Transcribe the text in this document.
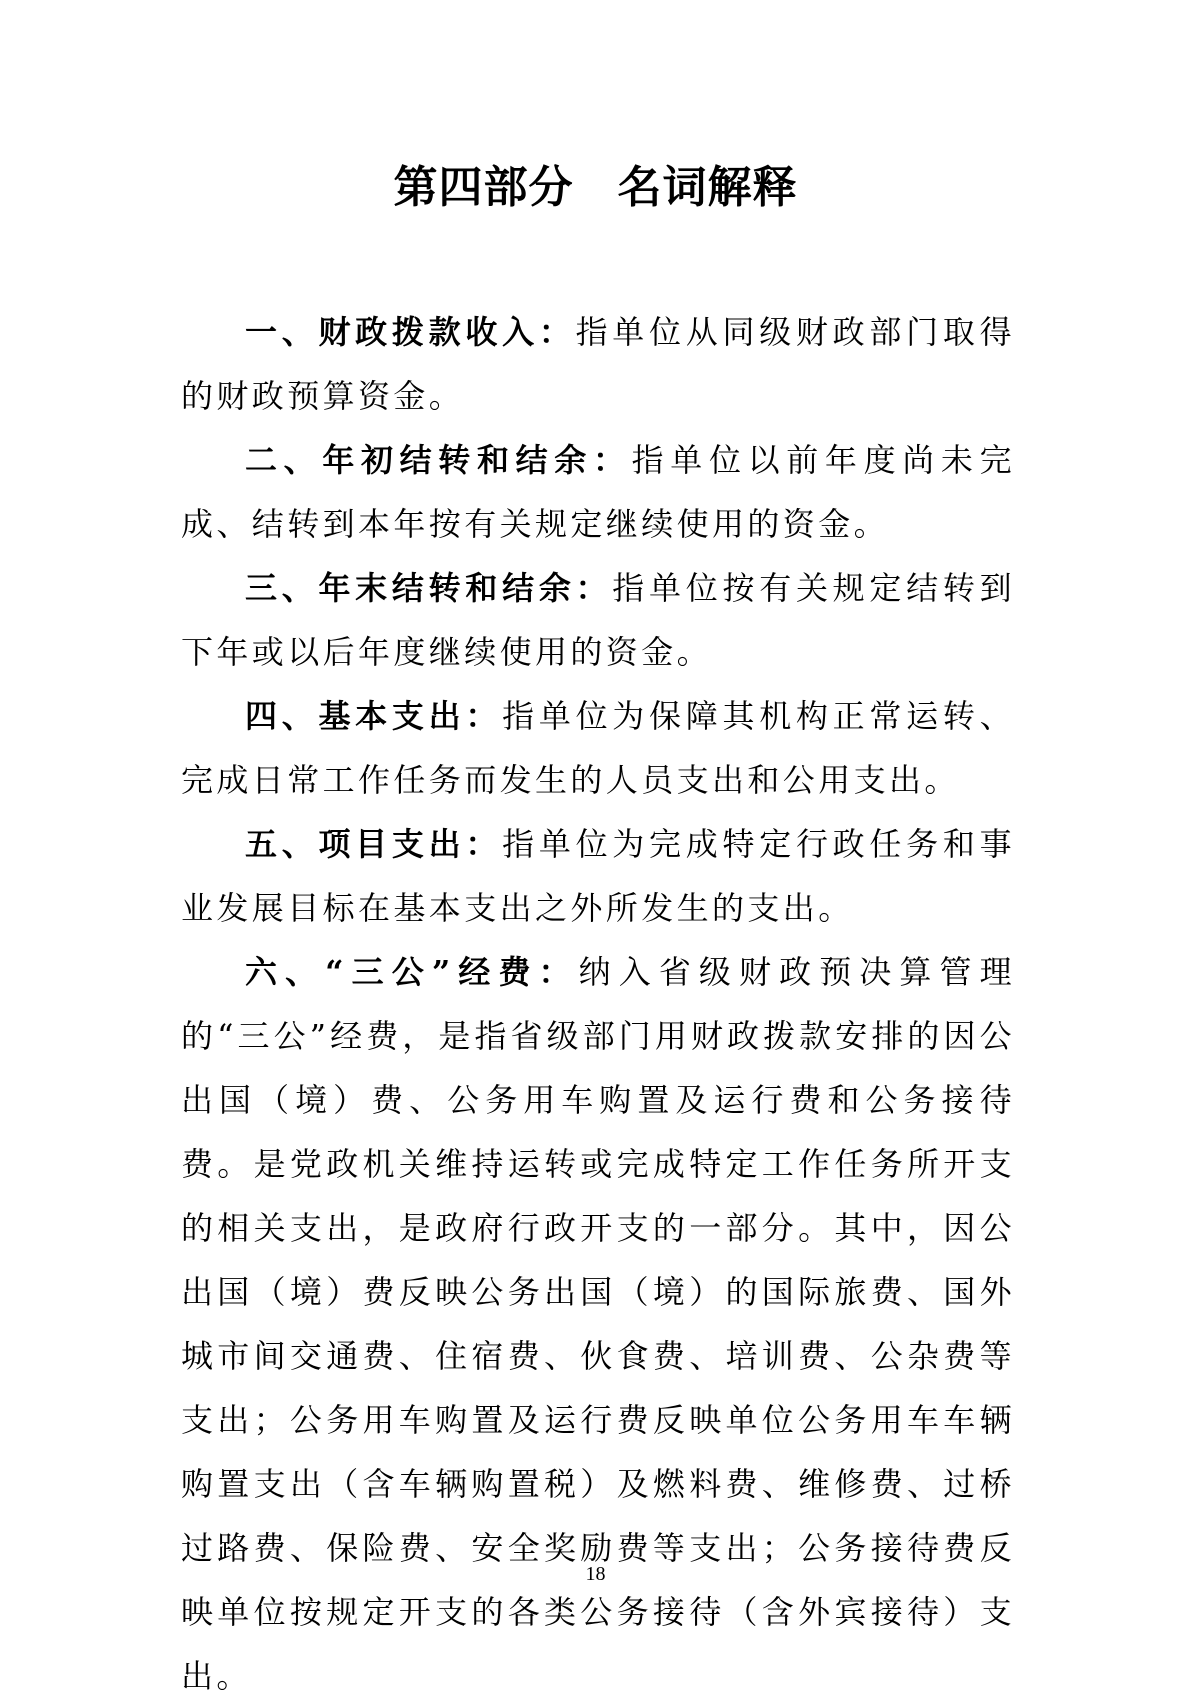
第四部分 名词解释

一、财政拨款收入：指单位从同级财政部门取得的财政预算资金。

二、年初结转和结余：指单位以前年度尚未完成、结转到本年按有关规定继续使用的资金。

三、年末结转和结余：指单位按有关规定结转到下年或以后年度继续使用的资金。

四、基本支出：指单位为保障其机构正常运转、完成日常工作任务而发生的人员支出和公用支出。

五、项目支出：指单位为完成特定行政任务和事业发展目标在基本支出之外所发生的支出。

六、“三公”经费：纳入省级财政预决算管理的“三公”经费，是指省级部门用财政拨款安排的因公出国（境）费、公务用车购置及运行费和公务接待费。是党政机关维持运转或完成特定工作任务所开支的相关支出，是政府行政开支的一部分。其中，因公出国（境）费反映公务出国（境）的国际旅费、国外城市间交通费、住宿费、伙食费、培训费、公杂费等支出；公务用车购置及运行费反映单位公务用车车辆购置支出（含车辆购置税）及燃料费、维修费、过桥过路费、保险费、安全奖励费等支出；公务接待费反映单位按规定开支的各类公务接待（含外宾接待）支出。

18
